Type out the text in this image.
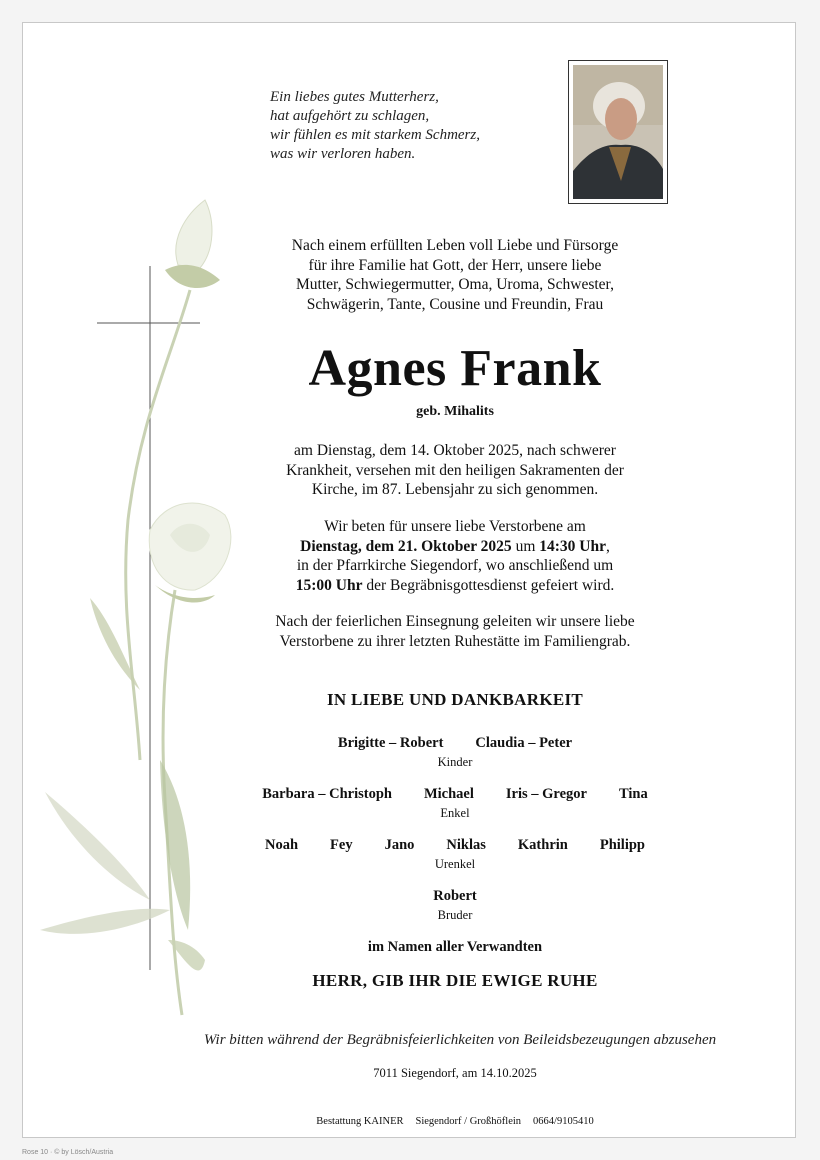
Ein liebes gutes Mutterherz,
hat aufgehört zu schlagen,
wir fühlen es mit starkem Schmerz,
was wir verloren haben.
Nach einem erfüllten Leben voll Liebe und Fürsorge
für ihre Familie hat Gott, der Herr, unsere liebe
Mutter, Schwiegermutter, Oma, Uroma, Schwester,
Schwägerin, Tante, Cousine und Freundin, Frau
Agnes Frank
geb. Mihalits
am Dienstag, dem 14. Oktober 2025, nach schwerer
Krankheit, versehen mit den heiligen Sakramenten der
Kirche, im 87. Lebensjahr zu sich genommen.
Wir beten für unsere liebe Verstorbene am
Dienstag, dem 21. Oktober 2025 um 14:30 Uhr,
in der Pfarrkirche Siegendorf, wo anschließend um
15:00 Uhr der Begräbnisgottesdienst gefeiert wird.
Nach der feierlichen Einsegnung geleiten wir unsere liebe
Verstorbene zu ihrer letzten Ruhestätte im Familiengrab.
IN LIEBE UND DANKBARKEIT
Brigitte – Robert Claudia – Peter
Kinder
Barbara – Christoph Michael Iris – Gregor Tina
Enkel
Noah Fey Jano Niklas Kathrin Philipp
Urenkel
Robert
Bruder
im Namen aller Verwandten
HERR, GIB IHR DIE EWIGE RUHE
Wir bitten während der Begräbnisfeierlichkeiten von Beileidsbezeugungen abzusehen
7011 Siegendorf, am 14.10.2025
Bestattung KAINER Siegendorf / Großhöflein 0664/9105410
Rose 10 · © by Lösch/Austria
